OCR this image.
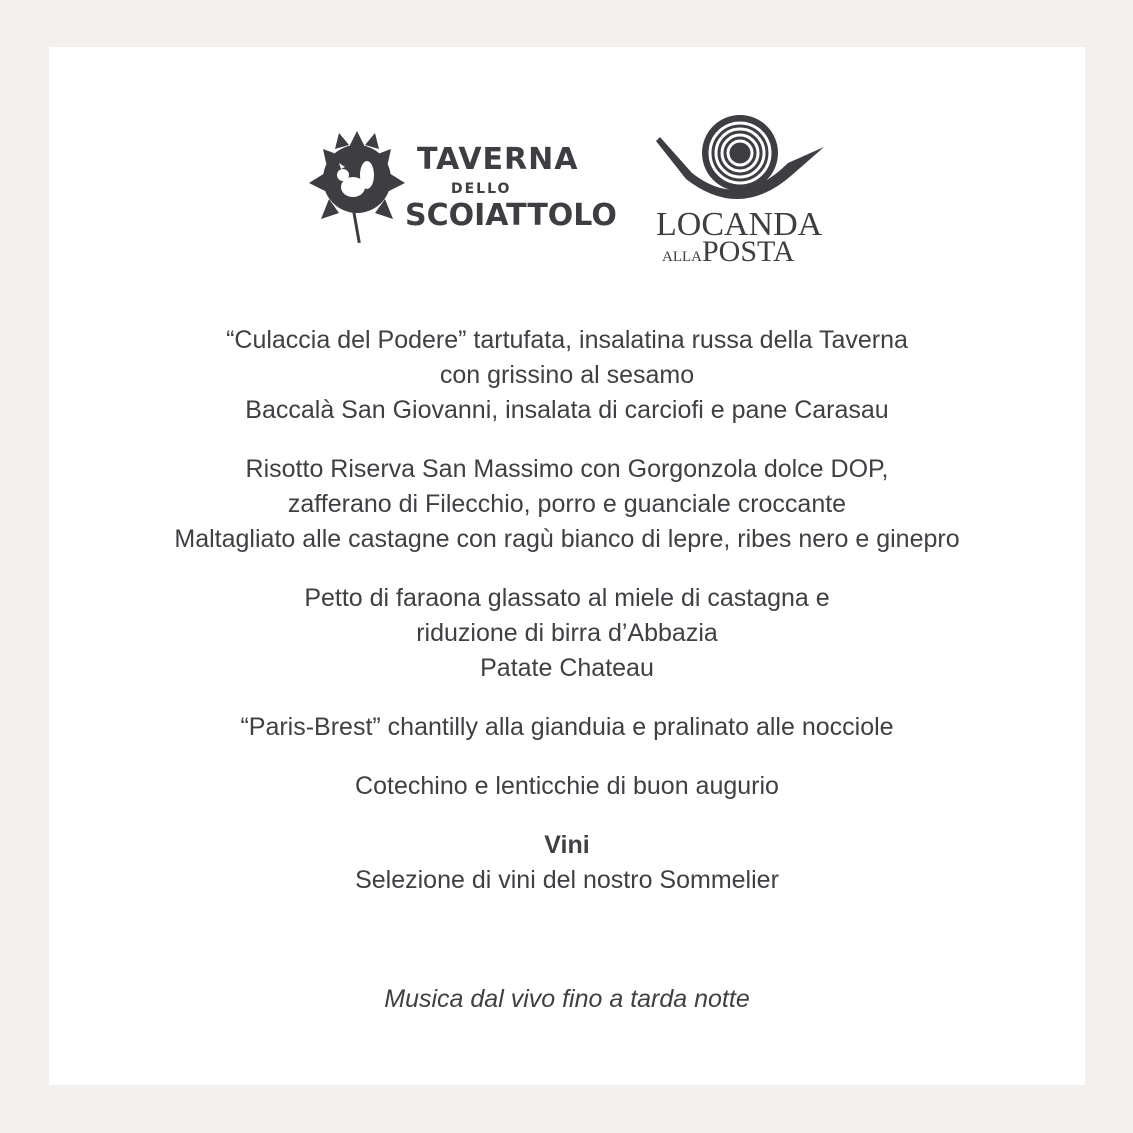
TAVERNA
DELLO
SCOIATTOLO LOCANDA
ALLA POSTA
“Culaccia del Podere” tartufata, insalatina russa della Taverna
con grissino al sesamo
Baccalà San Giovanni, insalata di carciofi e pane Carasau
Risotto Riserva San Massimo con Gorgonzola dolce DOP,
zafferano di Filecchio, porro e guanciale croccante
Maltagliato alle castagne con ragù bianco di lepre, ribes nero e ginepro
Petto di faraona glassato al miele di castagna e
riduzione di birra d’Abbazia
Patate Chateau
“Paris-Brest” chantilly alla gianduia e pralinato alle nocciole
Cotechino e lenticchie di buon augurio
Vini
Selezione di vini del nostro Sommelier
Musica dal vivo fino a tarda notte
